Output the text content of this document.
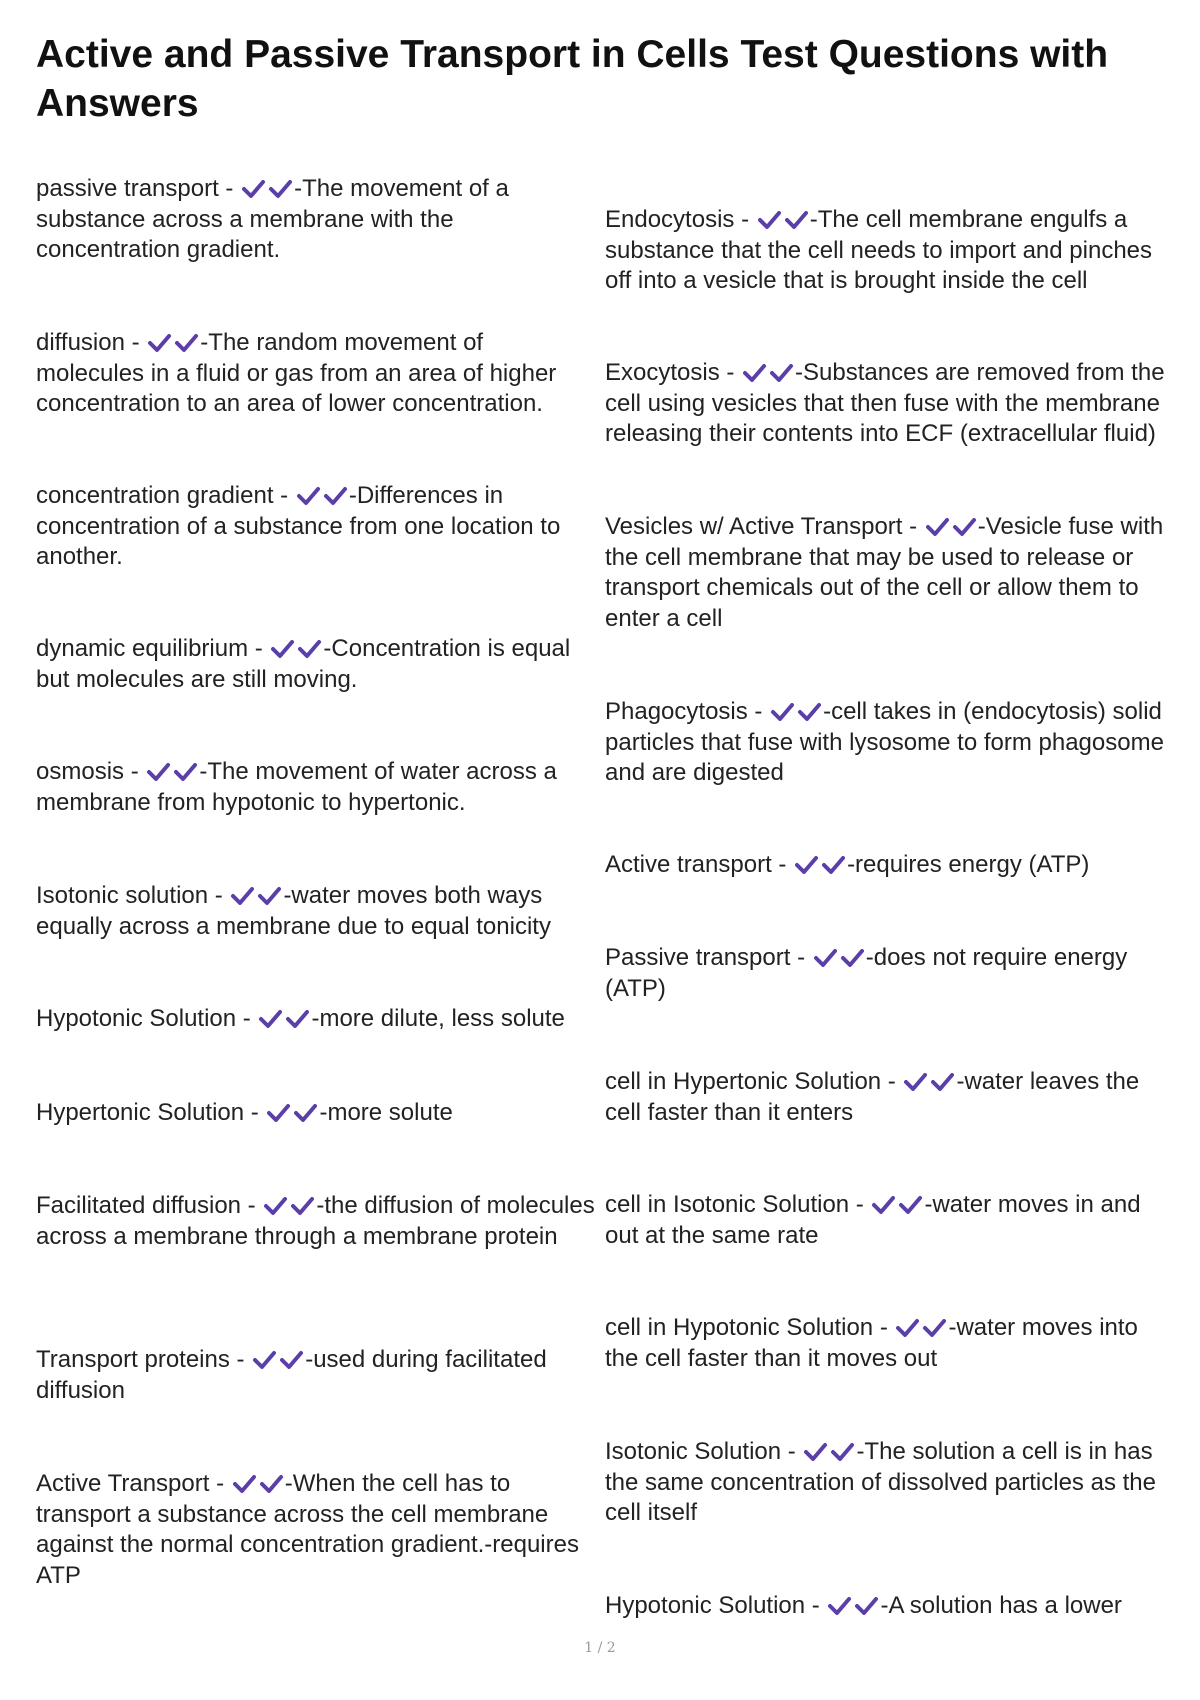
Active and Passive Transport in Cells Test Questions with Answers
passive transport -
-The movement of a substance across a membrane with the concentration gradient.
diffusion -
-The random movement of molecules in a fluid or gas from an area of higher concentration to an area of lower concentration.
concentration gradient -
-Differences in concentration of a substance from one location to another.
dynamic equilibrium -
-Concentration is equal but molecules are still moving.
osmosis -
-The movement of water across a membrane from hypotonic to hypertonic.
Isotonic solution -
-water moves both ways equally across a membrane due to equal tonicity
Hypotonic Solution -
-more dilute, less solute
Hypertonic Solution -
-more solute
Facilitated diffusion -
-the diffusion of molecules across a membrane through a membrane protein
Transport proteins -
-used during facilitated diffusion
Active Transport -
-When the cell has to transport a substance across the cell membrane against the normal concentration gradient.-requires ATP
Endocytosis -
-The cell membrane engulfs a substance that the cell needs to import and pinches off into a vesicle that is brought inside the cell
Exocytosis -
-Substances are removed from the cell using vesicles that then fuse with the membrane releasing their contents into ECF (extracellular fluid)
Vesicles w/ Active Transport -
-Vesicle fuse with the cell membrane that may be used to release or transport chemicals out of the cell or allow them to enter a cell
Phagocytosis -
-cell takes in (endocytosis) solid particles that fuse with lysosome to form phagosome and are digested
Active transport -
-requires energy (ATP)
Passive transport -
-does not require energy (ATP)
cell in Hypertonic Solution -
-water leaves the cell faster than it enters
cell in Isotonic Solution -
-water moves in and out at the same rate
cell in Hypotonic Solution -
-water moves into the cell faster than it moves out
Isotonic Solution -
-The solution a cell is in has the same concentration of dissolved particles as the cell itself
Hypotonic Solution -
-A solution has a lower
1 / 2
